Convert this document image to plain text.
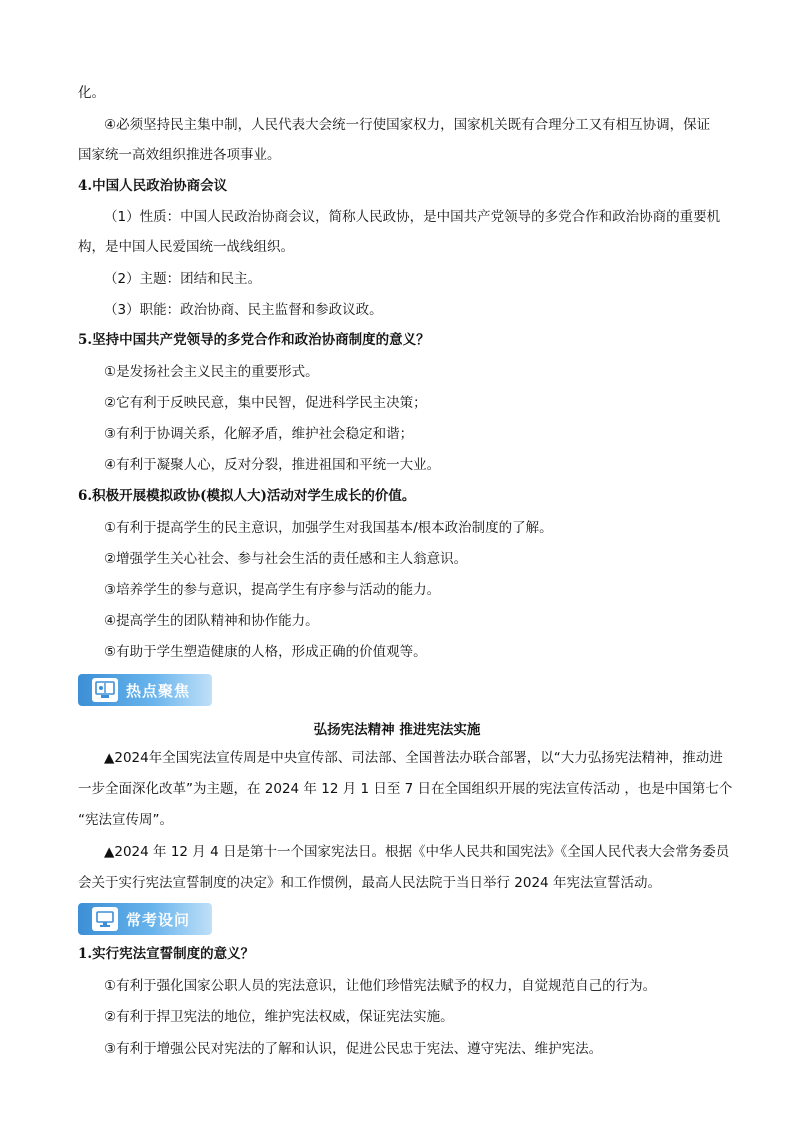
化。
④必须坚持民主集中制，人民代表大会统一行使国家权力，国家机关既有合理分工又有相互协调，保证
国家统一高效组织推进各项事业。
4.中国人民政治协商会议
（1）性质：中国人民政治协商会议，简称人民政协，是中国共产党领导的多党合作和政治协商的重要机
构，是中国人民爱国统一战线组织。
（2）主题：团结和民主。
（3）职能：政治协商、民主监督和参政议政。
5.坚持中国共产党领导的多党合作和政治协商制度的意义？
①是发扬社会主义民主的重要形式。
②它有利于反映民意，集中民智，促进科学民主决策；
③有利于协调关系，化解矛盾，维护社会稳定和谐；
④有利于凝聚人心，反对分裂，推进祖国和平统一大业。
6.积极开展模拟政协(模拟人大)活动对学生成长的价值。
①有利于提高学生的民主意识，加强学生对我国基本/根本政治制度的了解。
②增强学生关心社会、参与社会生活的责任感和主人翁意识。
③培养学生的参与意识，提高学生有序参与活动的能力。
④提高学生的团队精神和协作能力。
⑤有助于学生塑造健康的人格，形成正确的价值观等。
热点聚焦
弘扬宪法精神 推进宪法实施
▲2024年全国宪法宣传周是中央宣传部、司法部、全国普法办联合部署，以“大力弘扬宪法精神，推动进
一步全面深化改革”为主题，在 2024 年 12 月 1 日至 7 日在全国组织开展的宪法宣传活动 ，也是中国第七个
“宪法宣传周”。
▲2024 年 12 月 4 日是第十一个国家宪法日。根据《中华人民共和国宪法》《全国人民代表大会常务委员
会关于实行宪法宣誓制度的决定》和工作惯例，最高人民法院于当日举行 2024 年宪法宣誓活动。
常考设问
1.实行宪法宣誓制度的意义？
①有利于强化国家公职人员的宪法意识，让他们珍惜宪法赋予的权力，自觉规范自己的行为。
②有利于捍卫宪法的地位，维护宪法权威，保证宪法实施。
③有利于增强公民对宪法的了解和认识，促进公民忠于宪法、遵守宪法、维护宪法。
